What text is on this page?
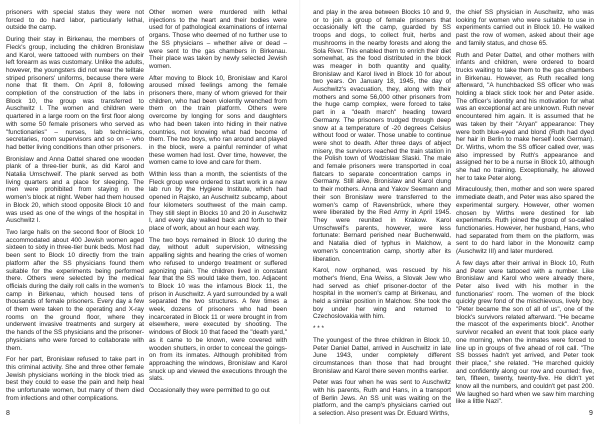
prisoners with special status they were not forced to do hard labor, particularly lethal, outside the camp.

During their stay in Birkenau, the members of Fleck's group, including the children Bronislaw and Karol, were tattooed with numbers on their left forearm as was customary. Unlike the adults, however, the youngsters did not wear the telltale striped prisoners' uniforms, because there were none that fit them. On April 8, following completion of the construction of the labs in Block 10, the group was transferred to Auschwitz I. The women and children were quartered in a large room on the first floor along with some 50 female prisoners who served as "functionaries" – nurses, lab technicians, secretaries, room supervisors and so on – who had better living conditions than other prisoners.

Bronislaw and Anna Dattel shared one wooden plank of a three-tier bunk, as did Karol and Natalia Umschweif. The plank served as both living quarters and a place for sleeping. The men were prohibited from staying in the women's block at night. Weber had them housed in Block 20, which stood opposite Block 10 and was used as one of the wings of the hospital in Auschwitz I.

Two large halls on the second floor of Block 10 accommodated about 400 Jewish women aged sixteen to sixty in three-tier bunk beds. Most had been sent to Block 10 directly from the train platform after the SS physicians found them suitable for the experiments being performed there. Others were selected by the medical officials during the daily roll calls in the women's camp in Birkenau, which housed tens of thousands of female prisoners. Every day a few of them were taken to the operating and X-ray rooms on the ground floor, where they underwent invasive treatments and surgery at the hands of the SS physicians and the prisoner-physicians who were forced to collaborate with them.

For her part, Bronislaw refused to take part in this criminal activity. She and three other female Jewish physicians working in the block tried as best they could to ease the pain and help heal the unfortunate women, but many of them died from infections and other complications.

Other women were murdered with lethal injections to the heart and their bodies were used for of pathological examinations of internal organs. Those who deemed of no further use to the SS physicians – whether alive or dead – were sent to the gas chambers in Birkenau. Their place was taken by newly selected Jewish women.

After moving to Block 10, Bronislaw and Karol aroused mixed feelings among the female prisoners there, many of whom grieved for their children, who had been violently wrenched from them on the train platform. Others were overcome by longing for sons and daughters who had been taken into hiding in their native countries, not knowing what had become of them. The two boys, who ran around and played in the block, were a painful reminder of what these women had lost. Over time, however, the women came to love and care for them.

Within less than a month, the scientists of the Fleck group were ordered to start work in a new lab run by the Hygiene Institute, which had opened in Rajsko, an Auschwitz subcamp, about four kilometers southwest of the main camp. They still slept in Blocks 10 and 20 in Auschwitz I, and every day walked back and forth to their place of work, about an hour each way.

The two boys remained in Block 10 during the day, without adult supervision, witnessing appalling sights and hearing the cries of women who refused to undergo treatment or suffered agonizing pain. The children lived in constant fear that the SS would take them, too. Adjacent to Block 10 was the infamous Block 11, the prison in Auschwitz. A yard surrounded by a wall separated the two structures. A few times a week, dozens of prisoners who had been incarcerated in Block 11 or were brought in from elsewhere, were executed by shooting. The windows of Block 10 that faced the "death yard," as it came to be known, were covered with wooden shutters, in order to conceal the goings-on from its inmates. Although prohibited from approaching the windows, Bronislaw and Karol snuck up and viewed the executions through the slats.

Occasionally they were permitted to go out

and play in the area between Blocks 10 and 9, or to join a group of female prisoners that occasionally left the camp, guarded by SS troops and dogs, to collect fruit, herbs and mushrooms in the nearby forests and along the Sola River. This enabled them to enrich their diet somewhat, as the food distributed in the block was meager in both quantity and quality. Bronislaw and Karol lived in Block 10 for about two years. On January 18, 1945, the day of Auschwitz's evacuation, they, along with their mothers and some 56,000 other prisoners from the huge camp complex, were forced to take part in a "death march" heading toward Germany. The prisoners trudged through deep snow at a temperature of -20 degrees Celsius without food or water. Those unable to continue were shot to death. After three days of abject misery, the survivors reached the train station in the Polish town of Wodzislaw Slaski. The male and female prisoners were transported in coal flatcars to separate concentration camps in Germany. Still alive, Bronislaw and Karol clung to their mothers. Anna and Yakov Seemann and their son Bronislaw were transferred to the women's camp of Ravensbrück, where they were liberated by the Red Army in April 1945. They were reunited in Krakow. Karol Umschweif's parents, however, were less fortunate: Bernard perished near Buchenwald, and Natalia died of typhus in Malchow, a women's concentration camp, shortly after its liberation.

Karol, now orphaned, was rescued by his mother's friend, Ena Weiss, a Slovak Jew who had served as chief prisoner-doctor of the hospital in the women's camp at Birkenau, and held a similar position in Malchow. She took the boy under her wing and returned to Czechoslovakia with him.

* * *

The youngest of the three children in Block 10, Peter Daniel Dattel, arrived in Auschwitz in late June 1943, under completely different circumstances than those that had brought Bronislaw and Karol there seven months earlier.

Peter was four when he was sent to Auschwitz with his parents, Ruth and Hans, in a transport of Berlin Jews. An SS unit was waiting on the platform, and the camp's physicians carried out a selection. Also present was Dr. Eduard Wirths,

the chief SS physician in Auschwitz, who was looking for women who were suitable to use in experiments carried out in Block 10. He walked past the row of women, asked about their age and family status, and chose 65.

Ruth and Peter Dattel, and other mothers with infants and children, were ordered to board trucks waiting to take them to the gas chambers in Birkenau. However, as Ruth recalled long afterward, "A hunchbacked SS officer who was holding a black stick took her and Peter aside. The officer's identity and his motivation for what was an exceptional act are unknown. Ruth never encountered him again. It is assumed that he was taken by their "Aryan" appearance: They were both blue-eyed and blond (Ruth had dyed her hair in Berlin to make herself look German). Dr. Wirths, whom the SS officer called over, was also impressed by Ruth's appearance and assigned her to be a nurse in Block 10, although she had no training. Exceptionally, he allowed her to take Peter along.

Miraculously, then, mother and son were spared immediate death, and Peter was also spared the experimental surgery. However, other women chosen by Wirths were destined for lab experiments. Ruth joined the group of so-called functionaries. However, her husband, Hans, who had separated from them on the platform, was sent to do hard labor in the Monowitz camp (Auschwitz III) and later murdered.

A few days after their arrival in Block 10, Ruth and Peter were tattooed with a number. Like Bronislaw and Karol who were already there, Peter also lived with his mother in the functionaries' room. The women of the block quickly grew fond of the mischievous, lively boy. "Peter became the son of all of us", one of the block's survivors related afterward. "He became the mascot of the experiments block". Another survivor recalled an event that took place early one morning, when the inmates were forced to line up in groups of five ahead of roll call. "The SS bosses hadn't yet arrived, and Peter took their place," she related. "He marched quickly and confidently along our row and counted: five, ten, fifteen, twenty, twenty-five. He didn't yet know all the numbers, and couldn't get past 200. We laughed so hard when we saw him marching like a little Nazi".

8	9
